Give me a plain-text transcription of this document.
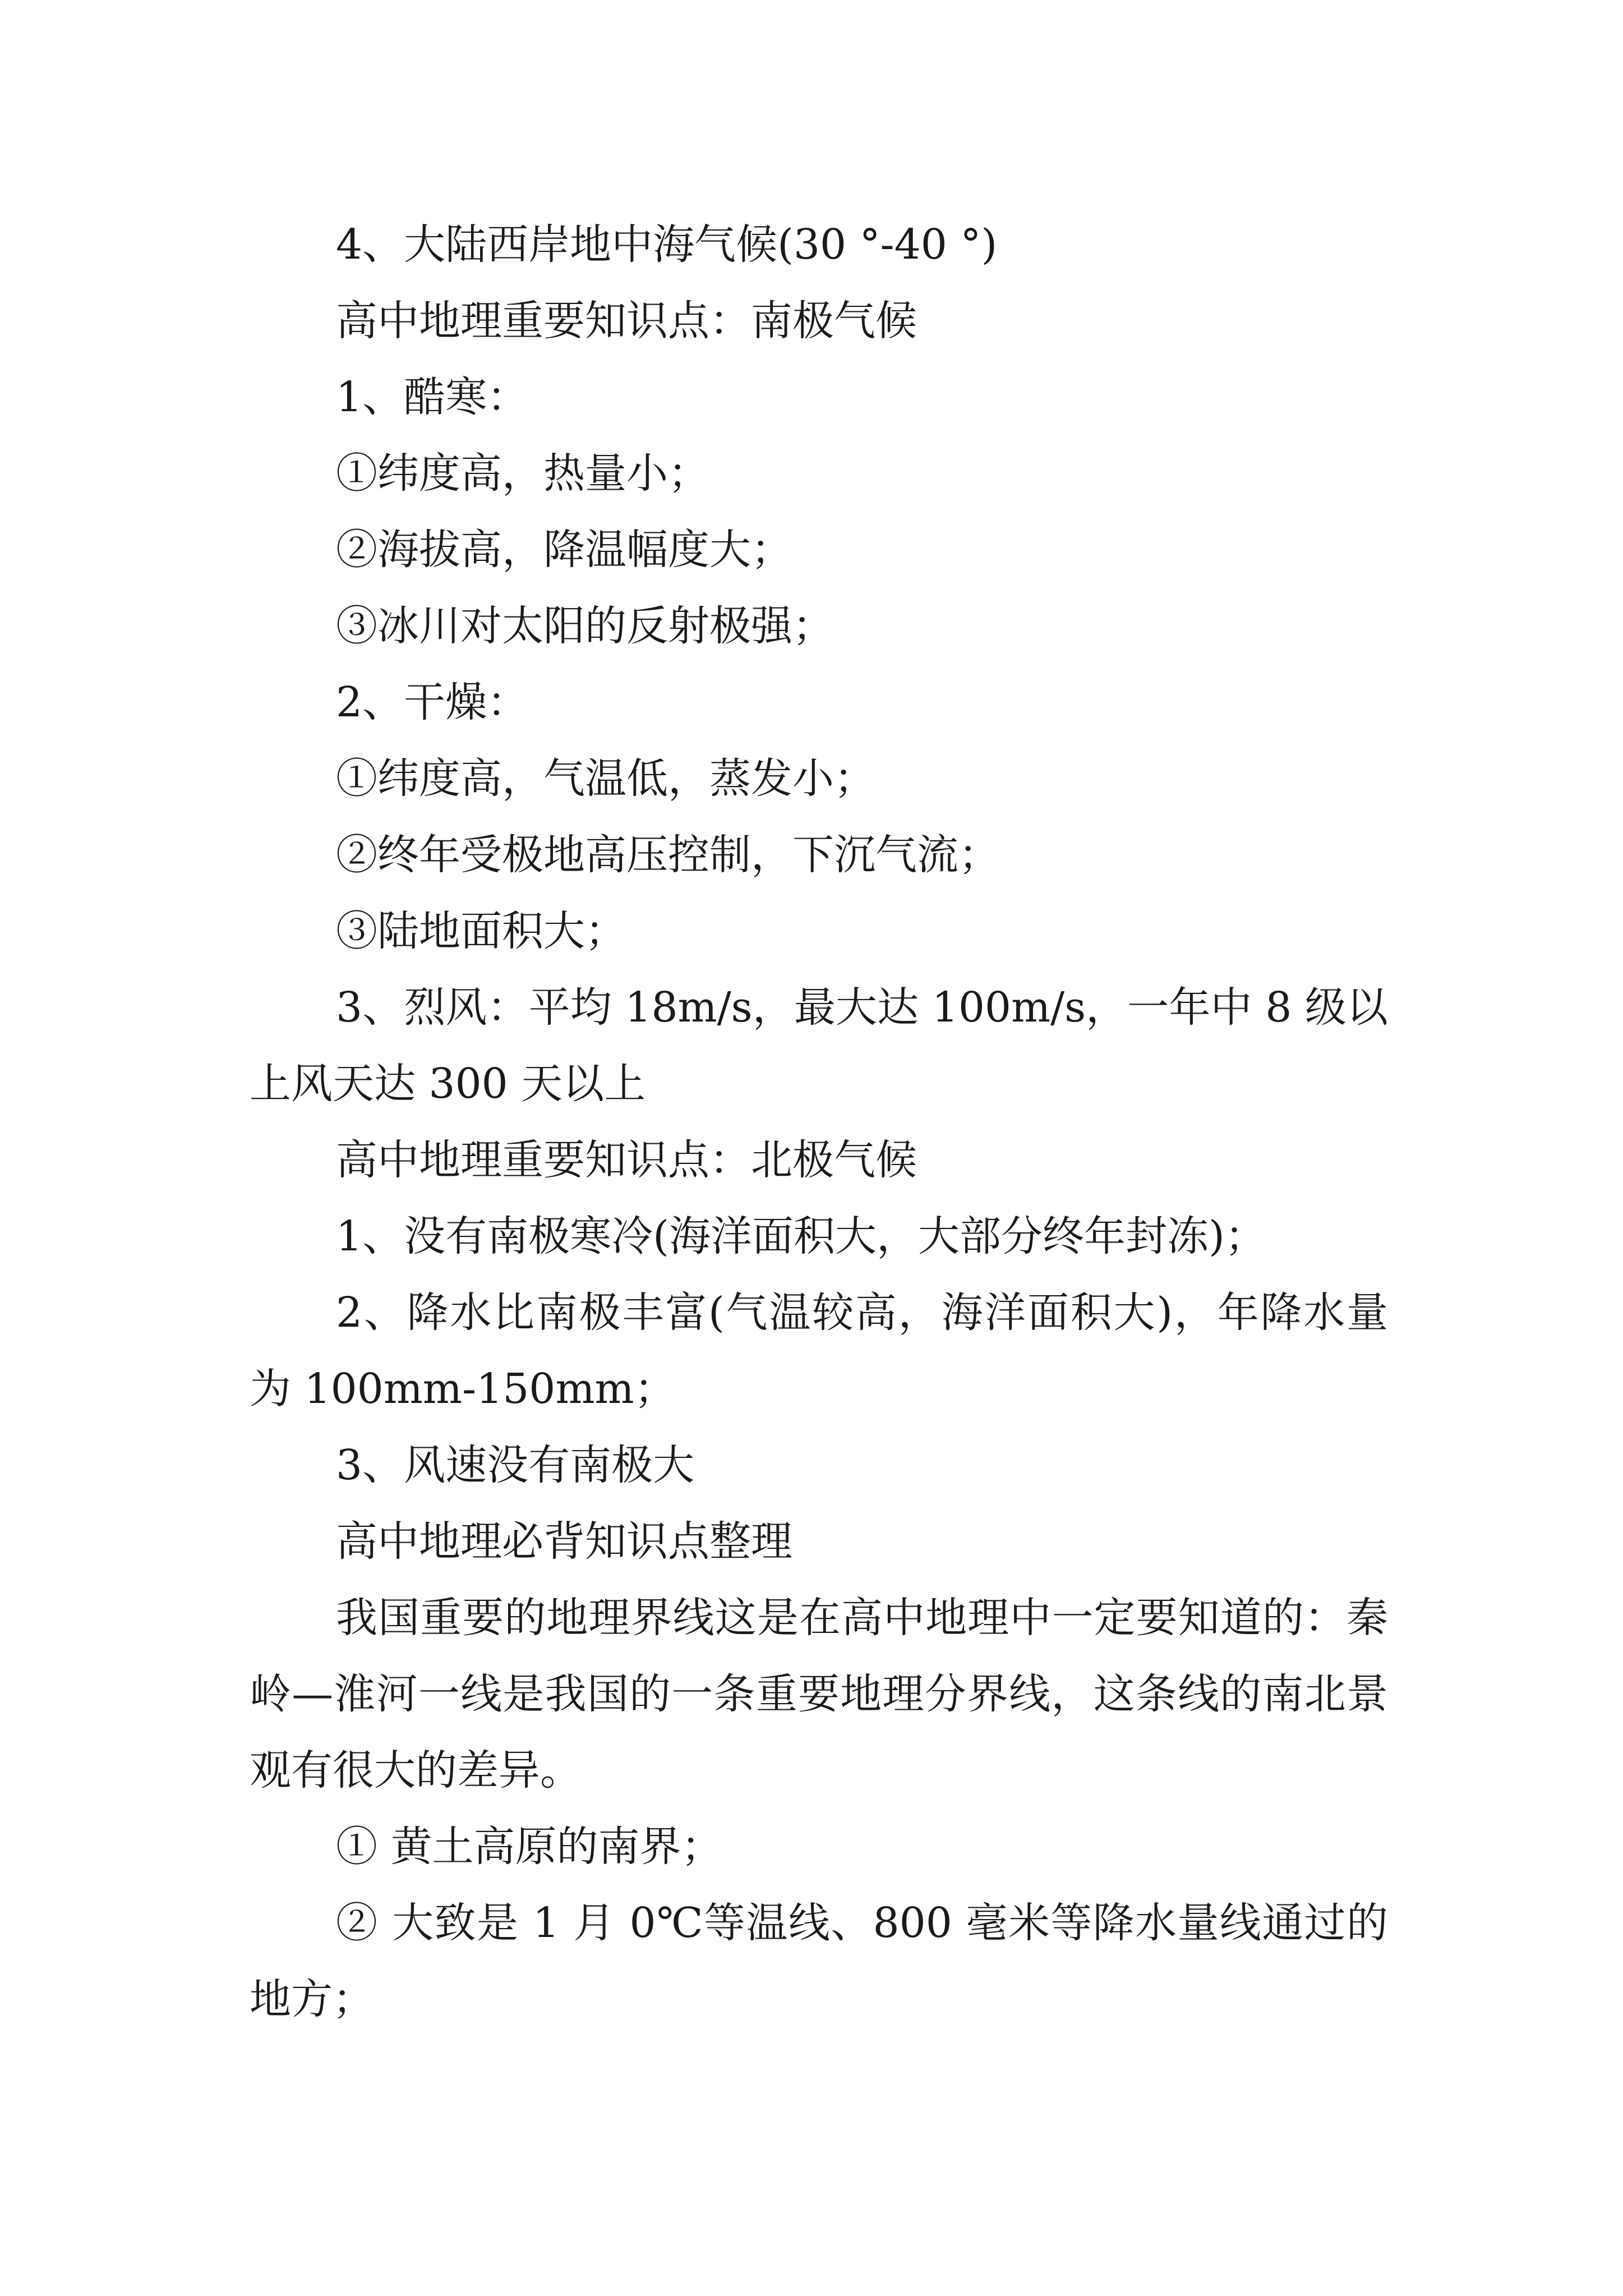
4、大陆西岸地中海气候(30 °-40 °)

高中地理重要知识点：南极气候

1、酷寒：

①纬度高，热量小；

②海拔高，降温幅度大；

③冰川对太阳的反射极强；

2、干燥：

①纬度高，气温低，蒸发小；

②终年受极地高压控制，下沉气流；

③陆地面积大；

3、烈风：平均 18m/s，最大达 100m/s，一年中 8 级以上风天达 300 天以上

高中地理重要知识点：北极气候

1、没有南极寒冷(海洋面积大，大部分终年封冻)；

2、降水比南极丰富(气温较高，海洋面积大)，年降水量为 100mm-150mm；

3、风速没有南极大

高中地理必背知识点整理

我国重要的地理界线这是在高中地理中一定要知道的：秦岭—淮河一线是我国的一条重要地理分界线，这条线的南北景观有很大的差异。

① 黄土高原的南界；

② 大致是 1 月 0℃等温线、800 毫米等降水量线通过的地方；
